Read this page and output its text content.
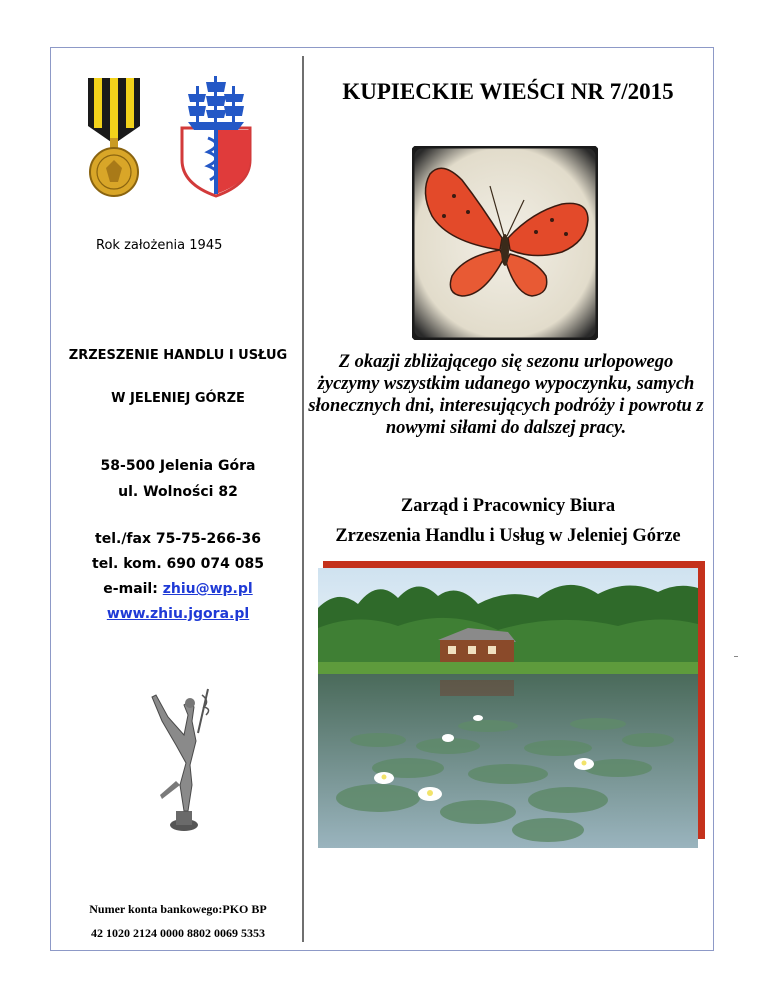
Rok założenia 1945
ZRZESZENIE HANDLU I USŁUG
W JELENIEJ GÓRZE
58-500 Jelenia Góra
ul. Wolności 82
tel./fax 75-75-266-36
tel. kom. 690 074 085
e-mail: zhiu@wp.pl
www.zhiu.jgora.pl
Numer konta bankowego:PKO BP
42 1020 2124 0000 8802 0069 5353
KUPIECKIE WIEŚCI NR 7/2015
Z okazji zbliżającego się sezonu urlopowego życzymy wszystkim udanego wypoczynku, samych słonecznych dni, interesujących podróży i powrotu z nowymi siłami do dalszej pracy.
Zarząd i Pracownicy Biura
Zrzeszenia Handlu i Usług w Jeleniej Górze
